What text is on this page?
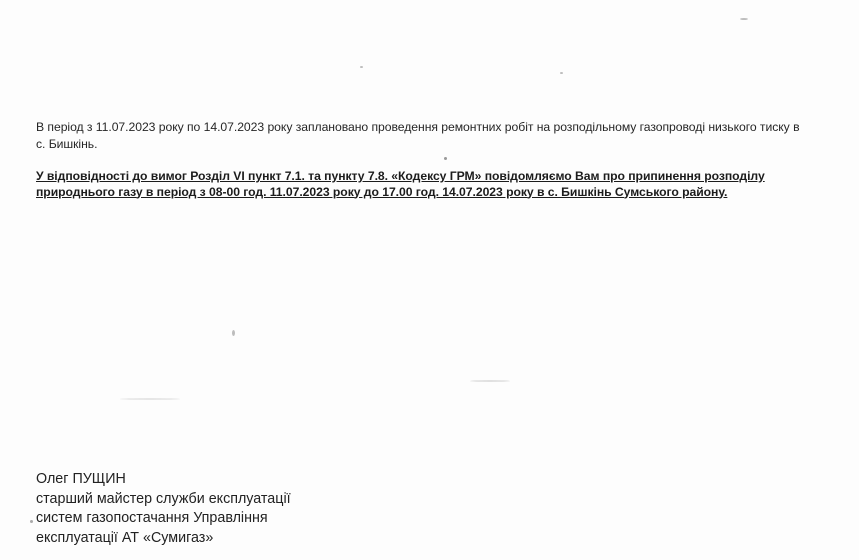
В період з 11.07.2023 року по 14.07.2023 року заплановано проведення ремонтних робіт на розподільному газопроводі низького тиску в с. Бишкінь.
У відповідності до вимог Розділ VI пункт 7.1. та пункту 7.8. «Кодексу ГРМ» повідомляємо Вам про припинення розподілу природнього газу в період з 08-00 год. 11.07.2023 року до 17.00 год. 14.07.2023 року в с. Бишкінь Сумського району.
Олег ПУЩИН
старший майстер служби експлуатації
систем газопостачання Управління
експлуатації АТ «Сумигаз»
